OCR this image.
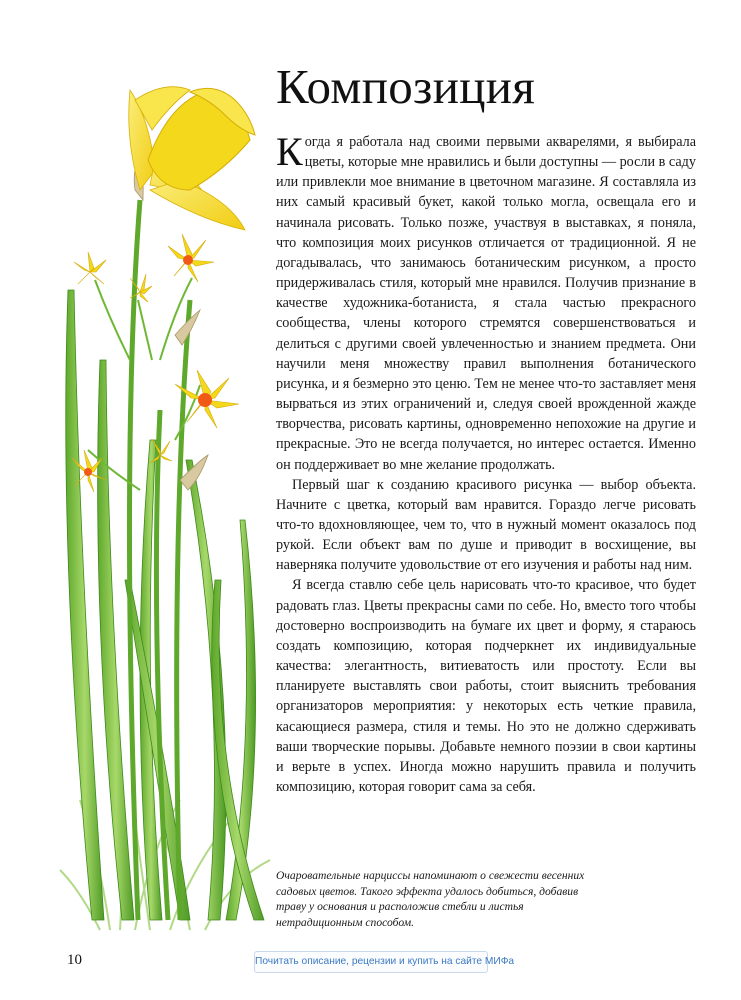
Композиция

Когда я работала над своими первыми акварелями, я выбирала цветы, которые мне нравились и были доступны — росли в саду или привлекли мое внимание в цветочном магазине. Я составляла из них самый красивый букет, какой только могла, освещала его и начинала рисовать. Только позже, участвуя в выставках, я поняла, что композиция моих рисунков отличается от традиционной. Я не догадывалась, что занимаюсь ботаническим рисунком, а просто придерживалась стиля, который мне нравился. Получив признание в качестве художника-ботаниста, я стала частью прекрасного сообщества, члены которого стремятся совершенствоваться и делиться с другими своей увлеченностью и знанием предмета. Они научили меня множеству правил выполнения ботанического рисунка, и я безмерно это ценю. Тем не менее что-то заставляет меня вырваться из этих ограничений и, следуя своей врожденной жажде творчества, рисовать картины, одновременно непохожие на другие и прекрасные. Это не всегда получается, но интерес остается. Именно он поддерживает во мне желание продолжать.

Первый шаг к созданию красивого рисунка — выбор объекта. Начните с цветка, который вам нравится. Гораздо легче рисовать что-то вдохновляющее, чем то, что в нужный момент оказалось под рукой. Если объект вам по душе и приводит в восхищение, вы наверняка получите удовольствие от его изучения и работы над ним.

Я всегда ставлю себе цель нарисовать что-то красивое, что будет радовать глаз. Цветы прекрасны сами по себе. Но, вместо того чтобы достоверно воспроизводить на бумаге их цвет и форму, я стараюсь создать композицию, которая подчеркнет их индивидуальные качества: элегантность, витиеватость или простоту. Если вы планируете выставлять свои работы, стоит выяснить требования организаторов мероприятия: у некоторых есть четкие правила, касающиеся размера, стиля и темы. Но это не должно сдерживать ваши творческие порывы. Добавьте немного поэзии в свои картины и верьте в успех. Иногда можно нарушить правила и получить композицию, которая говорит сама за себя.

Очаровательные нарциссы напоминают о свежести весенних садовых цветов. Такого эффекта удалось добиться, добавив траву у основания и расположив стебли и листья нетрадиционным способом.
10	Почитать описание, рецензии и купить на сайте МИФа
